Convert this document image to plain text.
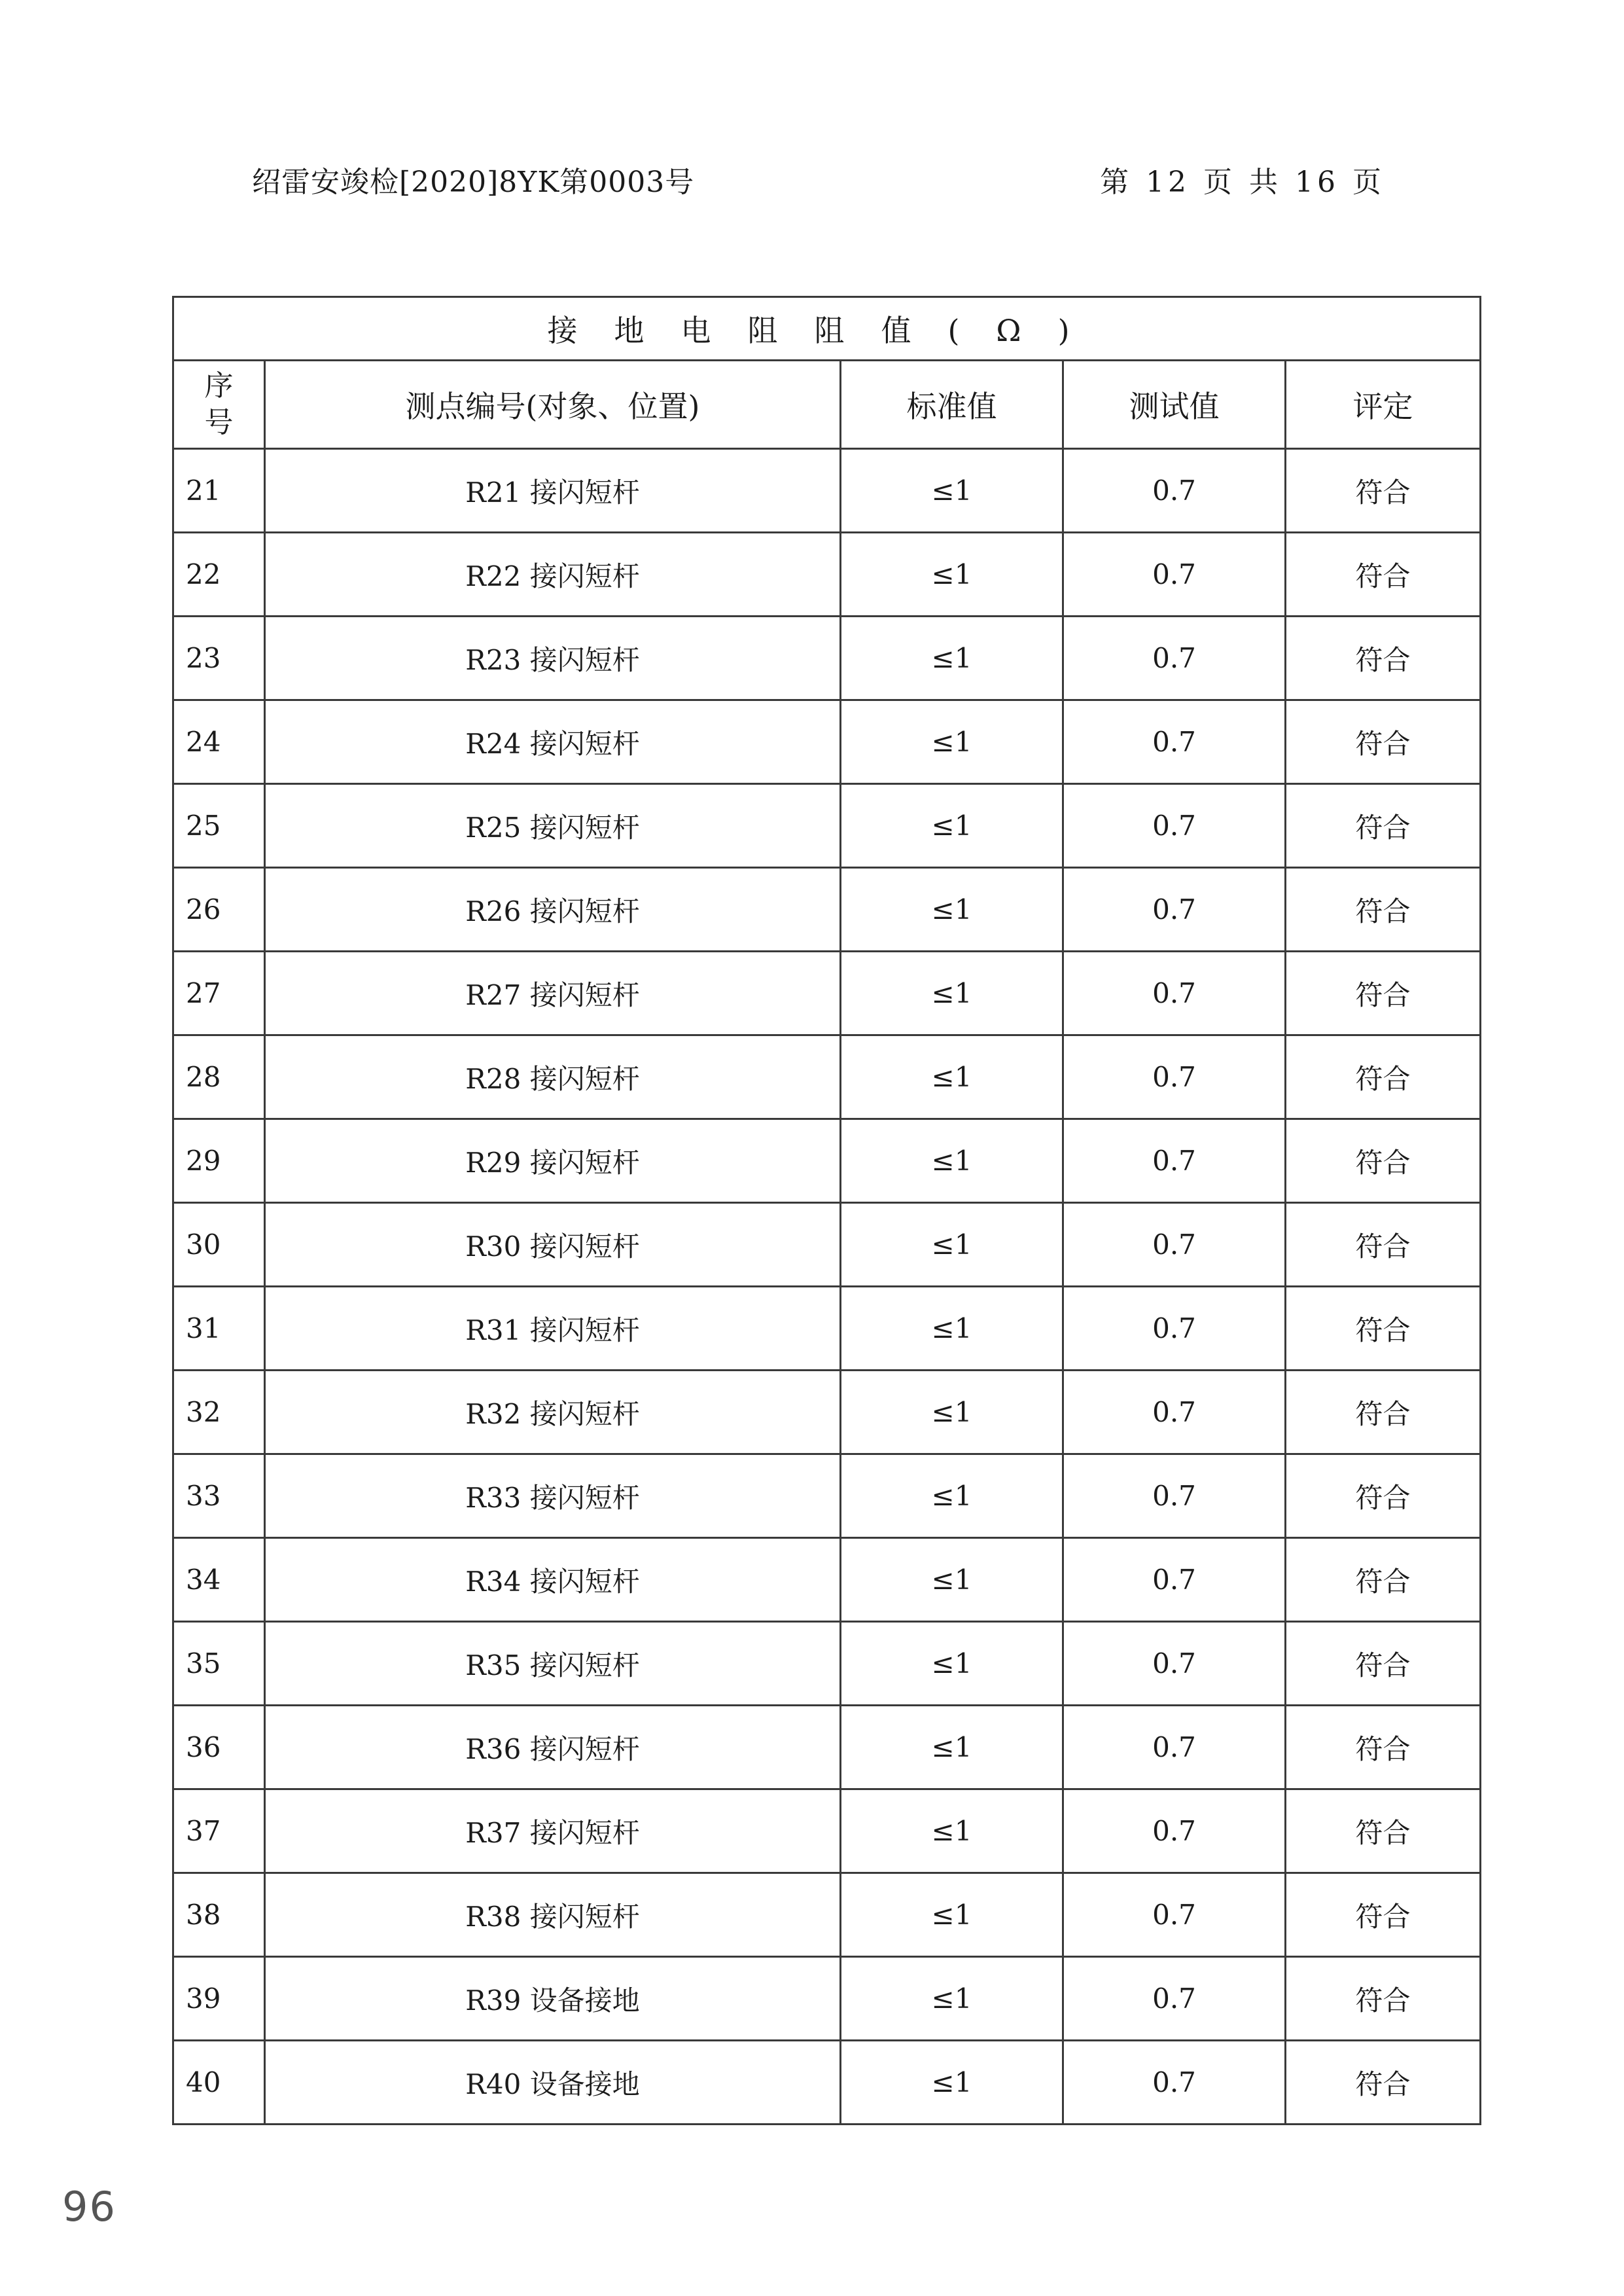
绍雷安竣检[2020]8YK第0003号	第 12 页 共 16 页
接地电阻阻值(Ω)				
序号	测点编号(对象、位置)	标准值	测试值	评定
21	R21 接闪短杆	≤1	0.7	符合
22	R22 接闪短杆	≤1	0.7	符合
23	R23 接闪短杆	≤1	0.7	符合
24	R24 接闪短杆	≤1	0.7	符合
25	R25 接闪短杆	≤1	0.7	符合
26	R26 接闪短杆	≤1	0.7	符合
27	R27 接闪短杆	≤1	0.7	符合
28	R28 接闪短杆	≤1	0.7	符合
29	R29 接闪短杆	≤1	0.7	符合
30	R30 接闪短杆	≤1	0.7	符合
31	R31 接闪短杆	≤1	0.7	符合
32	R32 接闪短杆	≤1	0.7	符合
33	R33 接闪短杆	≤1	0.7	符合
34	R34 接闪短杆	≤1	0.7	符合
35	R35 接闪短杆	≤1	0.7	符合
36	R36 接闪短杆	≤1	0.7	符合
37	R37 接闪短杆	≤1	0.7	符合
38	R38 接闪短杆	≤1	0.7	符合
39	R39 设备接地	≤1	0.7	符合
40	R40 设备接地	≤1	0.7	符合
96
